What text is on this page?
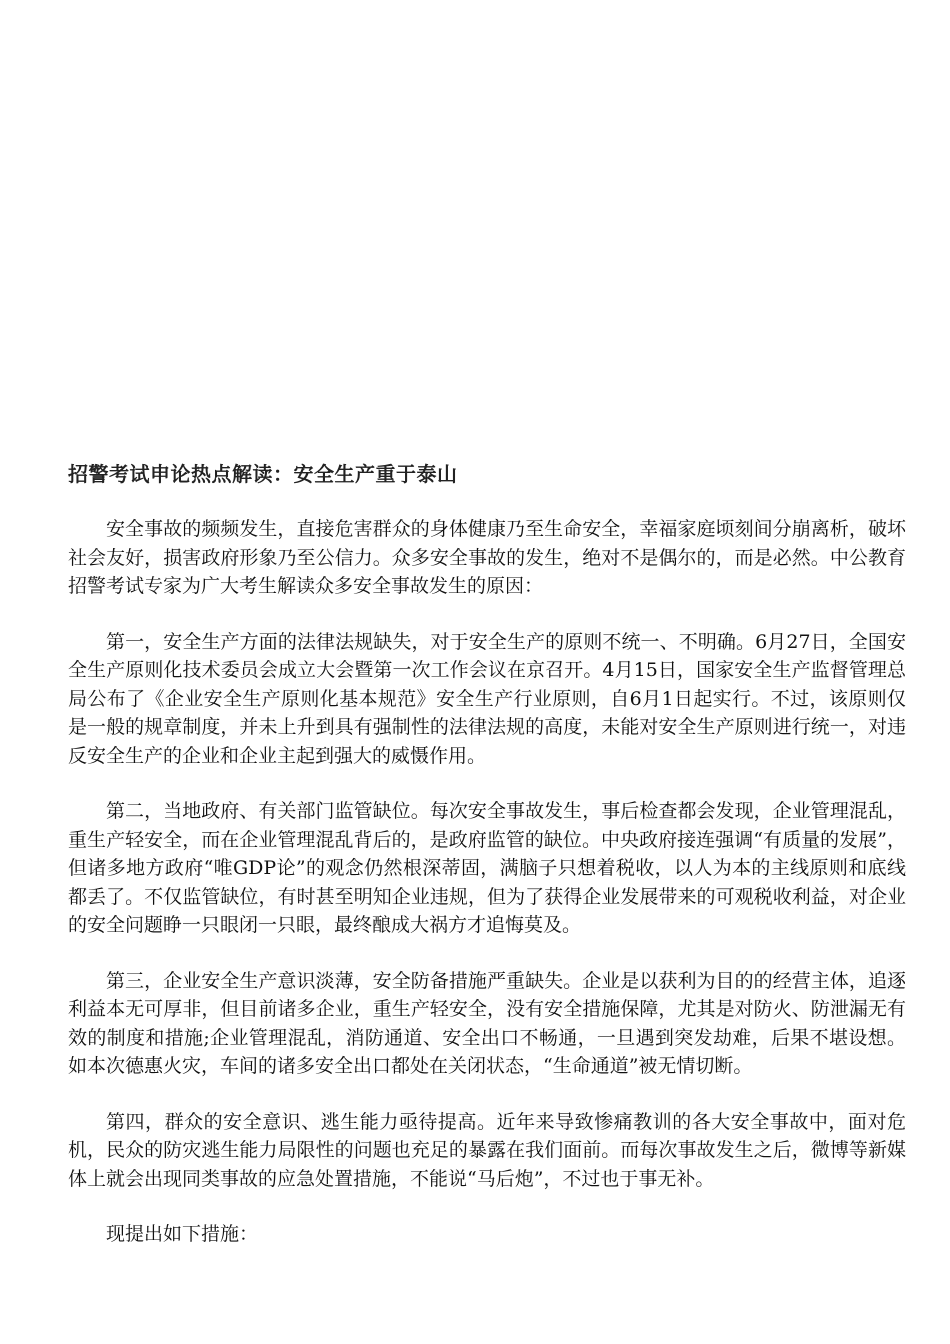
招警考试申论热点解读：安全生产重于泰山

安全事故的频频发生，直接危害群众的身体健康乃至生命安全，幸福家庭顷刻间分崩离析，破坏社会友好，损害政府形象乃至公信力。众多安全事故的发生，绝对不是偶尔的，而是必然。中公教育招警考试专家为广大考生解读众多安全事故发生的原因：

第一，安全生产方面的法律法规缺失，对于安全生产的原则不统一、不明确。6月27日，全国安全生产原则化技术委员会成立大会暨第一次工作会议在京召开。4月15日，国家安全生产监督管理总局公布了《企业安全生产原则化基本规范》安全生产行业原则，自6月1日起实行。不过，该原则仅是一般的规章制度，并未上升到具有强制性的法律法规的高度，未能对安全生产原则进行统一，对违反安全生产的企业和企业主起到强大的威慑作用。

第二，当地政府、有关部门监管缺位。每次安全事故发生，事后检查都会发现，企业管理混乱，重生产轻安全，而在企业管理混乱背后的，是政府监管的缺位。中央政府接连强调“有质量的发展”，但诸多地方政府“唯GDP论”的观念仍然根深蒂固，满脑子只想着税收，以人为本的主线原则和底线都丢了。不仅监管缺位，有时甚至明知企业违规，但为了获得企业发展带来的可观税收利益，对企业的安全问题睁一只眼闭一只眼，最终酿成大祸方才追悔莫及。

第三，企业安全生产意识淡薄，安全防备措施严重缺失。企业是以获利为目的的经营主体，追逐利益本无可厚非，但目前诸多企业，重生产轻安全，没有安全措施保障，尤其是对防火、防泄漏无有效的制度和措施;企业管理混乱，消防通道、安全出口不畅通，一旦遇到突发劫难，后果不堪设想。如本次德惠火灾，车间的诸多安全出口都处在关闭状态，“生命通道”被无情切断。

第四，群众的安全意识、逃生能力亟待提高。近年来导致惨痛教训的各大安全事故中，面对危机，民众的防灾逃生能力局限性的问题也充足的暴露在我们面前。而每次事故发生之后，微博等新媒体上就会出现同类事故的应急处置措施，不能说“马后炮”，不过也于事无补。

现提出如下措施：
